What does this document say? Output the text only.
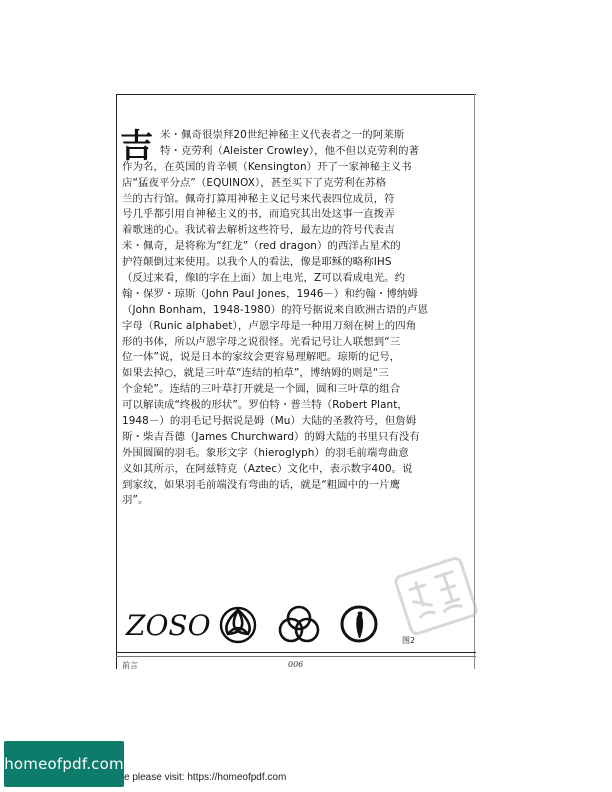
吉 米・佩奇很崇拜20世纪神秘主义代表者之一的阿莱斯
特・克劳利（Aleister Crowley），他不但以克劳利的著
作为名，在英国的肯辛顿（Kensington）开了一家神秘主义书
店“猛夜平分点”（EQUINOX），甚至买下了克劳利在苏格
兰的古行馆。佩奇打算用神秘主义记号来代表四位成员，符
号几乎都引用自神秘主义的书，而追究其出处这事一直拨弄
着歌迷的心。我试着去解析这些符号，最左边的符号代表吉
米・佩奇，是将称为“红龙”（red dragon）的西洋占星术的
护符颠倒过来使用。以我个人的看法，像是耶稣的略称IHS
（反过来看，像Ⅰ的字在上面）加上电光，Z可以看成电光。约
翰・保罗・琼斯（John Paul Jones，1946－）和约翰・博纳姆
（John Bonham，1948-1980）的符号据说来自欧洲古语的卢恩
字母（Runic alphabet），卢恩字母是一种用刀刻在树上的四角
形的书体，所以卢恩字母之说很怪。光看记号让人联想到“三
位一体”说，说是日本的家纹会更容易理解吧。琼斯的记号，
如果去掉○，就是三叶草“连结的柏草”，博纳姆的则是“三
个金轮”。连结的三叶草打开就是一个圆，圆和三叶草的组合
可以解读成“终极的形状”。罗伯特・普兰特（Robert Plant，
1948－）的羽毛记号据说是姆（Mu）大陆的圣教符号，但詹姆
斯・柴吉吾德（James Churchward）的姆大陆的书里只有没有
外围圆圈的羽毛。象形文字（hieroglyph）的羽毛前端弯曲意
义如其所示，在阿兹特克（Aztec）文化中，表示数字400。说
到家纹，如果羽毛前端没有弯曲的话，就是“粗圆中的一片鹰
羽”。
ZOSO	图2
前言	006
homeofpdf.com
e please visit: https://homeofpdf.com
